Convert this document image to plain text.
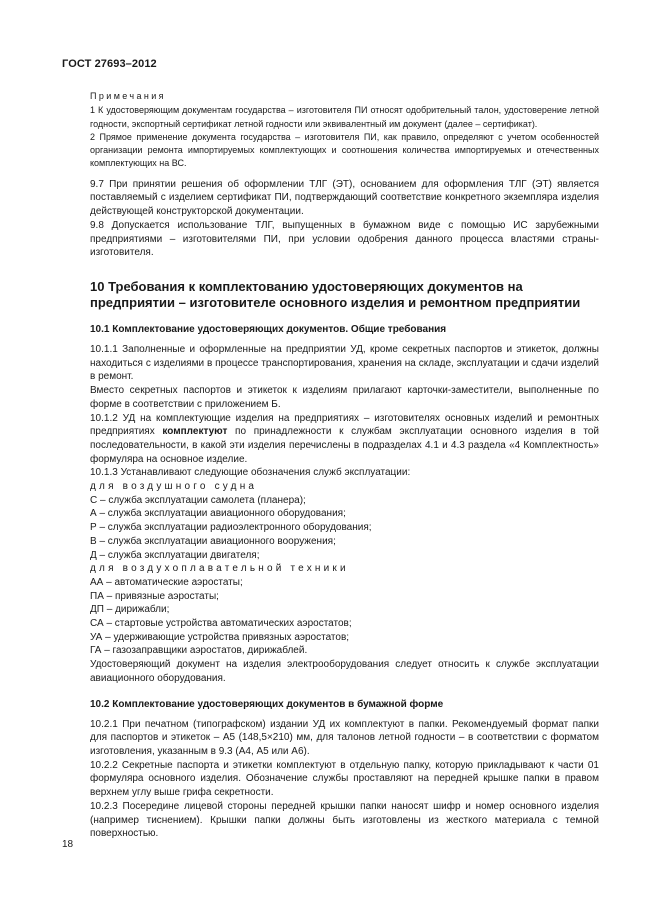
ГОСТ 27693–2012
Примечания

1 К удостоверяющим документам государства – изготовителя ПИ относят одобрительный талон, удостоверение летной годности, экспортный сертификат летной годности или эквивалентный им документ (далее – сертификат).

2 Прямое применение документа государства – изготовителя ПИ, как правило, определяют с учетом особенностей организации ремонта импортируемых комплектующих и соотношения количества импортируемых и отечественных комплектующих на ВС.

9.7 При принятии решения об оформлении ТЛГ (ЭТ), основанием для оформления ТЛГ (ЭТ) является поставляемый с изделием сертификат ПИ, подтверждающий соответствие конкретного экземпляра изделия действующей конструкторской документации.

9.8 Допускается использование ТЛГ, выпущенных в бумажном виде с помощью ИС зарубежными предприятиями – изготовителями ПИ, при условии одобрения данного процесса властями страны-изготовителя.

10 Требования к комплектованию удостоверяющих документов на предприятии – изготовителе основного изделия и ремонтном предприятии
10.1 Комплектование удостоверяющих документов. Общие требования

10.1.1 Заполненные и оформленные на предприятии УД, кроме секретных паспортов и этикеток, должны находиться с изделиями в процессе транспортирования, хранения на складе, эксплуатации и сдачи изделий в ремонт.

Вместо секретных паспортов и этикеток к изделиям прилагают карточки-заместители, выполненные по форме в соответствии с приложением Б.

10.1.2 УД на комплектующие изделия на предприятиях – изготовителях основных изделий и ремонтных предприятиях комплектуют по принадлежности к службам эксплуатации основного изделия в той последовательности, в какой эти изделия перечислены в подразделах 4.1 и 4.3 раздела «4 Комплектность» формуляра на основное изделие.

10.1.3 Устанавливают следующие обозначения служб эксплуатации:

для воздушного судна

С – служба эксплуатации самолета (планера);

А – служба эксплуатации авиационного оборудования;

Р – служба эксплуатации радиоэлектронного оборудования;

В – служба эксплуатации авиационного вооружения;

Д – служба эксплуатации двигателя;

для воздухоплавательной техники

АА – автоматические аэростаты;

ПА – привязные аэростаты;

ДП – дирижабли;

СА – стартовые устройства автоматических аэростатов;

УА – удерживающие устройства привязных аэростатов;

ГА – газозаправщики аэростатов, дирижаблей.

Удостоверяющий документ на изделия электрооборудования следует относить к службе эксплуатации авиационного оборудования.

10.2 Комплектование удостоверяющих документов в бумажной форме

10.2.1 При печатном (типографском) издании УД их комплектуют в папки. Рекомендуемый формат папки для паспортов и этикеток – А5 (148,5×210) мм, для талонов летной годности – в соответствии с форматом изготовления, указанным в 9.3 (А4, А5 или А6).

10.2.2 Секретные паспорта и этикетки комплектуют в отдельную папку, которую прикладывают к части 01 формуляра основного изделия. Обозначение службы проставляют на передней крышке папки в правом верхнем углу выше грифа секретности.

10.2.3 Посередине лицевой стороны передней крышки папки наносят шифр и номер основного изделия (например тиснением). Крышки папки должны быть изготовлены из жесткого материала с темной поверхностью.

18
